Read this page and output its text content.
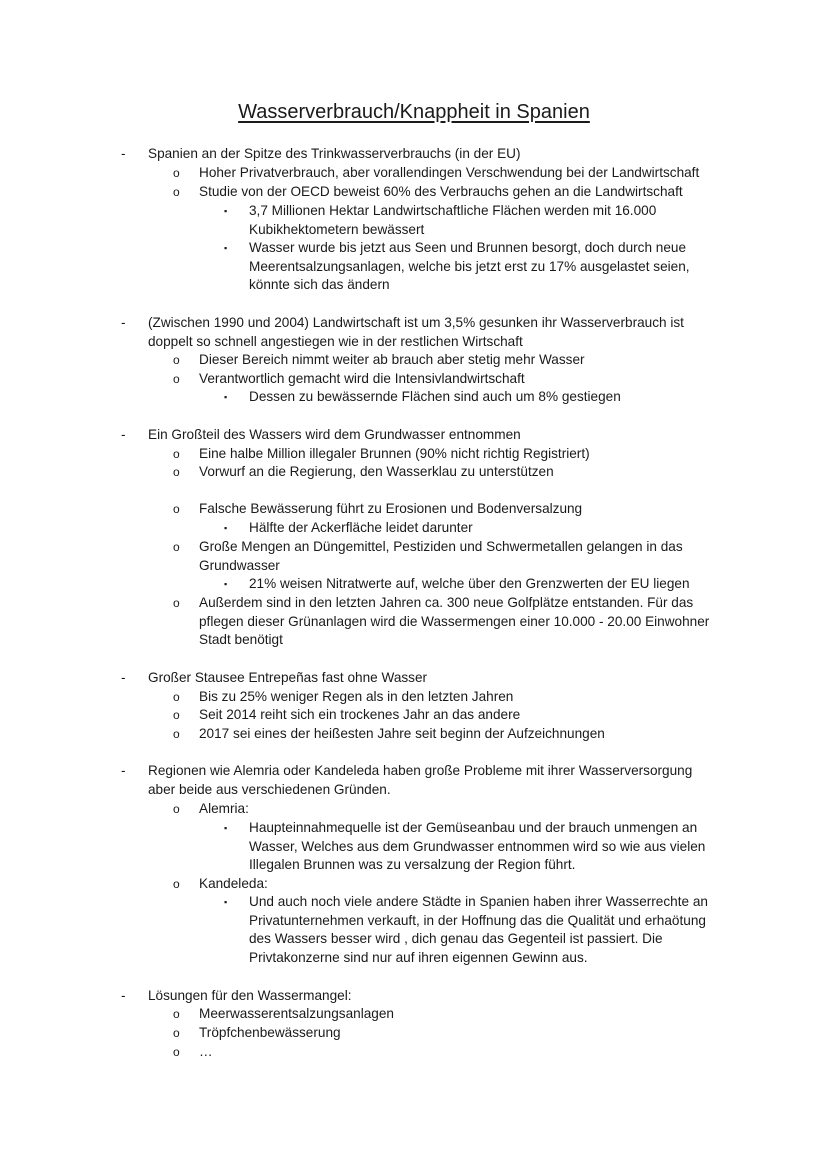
Wasserverbrauch/Knappheit in Spanien
- Spanien an der Spitze des Trinkwasserverbrauchs (in der EU)
o Hoher Privatverbrauch, aber vorallendingen Verschwendung bei der Landwirtschaft
o Studie von der OECD beweist 60% des Verbrauchs gehen an die Landwirtschaft
▪ 3,7 Millionen Hektar Landwirtschaftliche Flächen werden mit 16.000
Kubikhektometern bewässert
▪ Wasser wurde bis jetzt aus Seen und Brunnen besorgt, doch durch neue
Meerentsalzungsanlagen, welche bis jetzt erst zu 17% ausgelastet seien,
könnte sich das ändern
- (Zwischen 1990 und 2004) Landwirtschaft ist um 3,5% gesunken ihr Wasserverbrauch ist
doppelt so schnell angestiegen wie in der restlichen Wirtschaft
o Dieser Bereich nimmt weiter ab brauch aber stetig mehr Wasser
o Verantwortlich gemacht wird die Intensivlandwirtschaft
▪ Dessen zu bewässernde Flächen sind auch um 8% gestiegen
- Ein Großteil des Wassers wird dem Grundwasser entnommen
o Eine halbe Million illegaler Brunnen (90% nicht richtig Registriert)
o Vorwurf an die Regierung, den Wasserklau zu unterstützen
o Falsche Bewässerung führt zu Erosionen und Bodenversalzung
▪ Hälfte der Ackerfläche leidet darunter
o Große Mengen an Düngemittel, Pestiziden und Schwermetallen gelangen in das
Grundwasser
▪ 21% weisen Nitratwerte auf, welche über den Grenzwerten der EU liegen
o Außerdem sind in den letzten Jahren ca. 300 neue Golfplätze entstanden. Für das
pflegen dieser Grünanlagen wird die Wassermengen einer 10.000 - 20.00 Einwohner
Stadt benötigt
- Großer Stausee Entrepeñas fast ohne Wasser
o Bis zu 25% weniger Regen als in den letzten Jahren
o Seit 2014 reiht sich ein trockenes Jahr an das andere
o 2017 sei eines der heißesten Jahre seit beginn der Aufzeichnungen
- Regionen wie Alemria oder Kandeleda haben große Probleme mit ihrer Wasserversorgung
aber beide aus verschiedenen Gründen.
o Alemria:
▪ Haupteinnahmequelle ist der Gemüseanbau und der brauch unmengen an
Wasser, Welches aus dem Grundwasser entnommen wird so wie aus vielen
Illegalen Brunnen was zu versalzung der Region führt.
o Kandeleda:
▪ Und auch noch viele andere Städte in Spanien haben ihrer Wasserrechte an
Privatunternehmen verkauft, in der Hoffnung das die Qualität und erhaötung
des Wassers besser wird , dich genau das Gegenteil ist passiert. Die
Privtakonzerne sind nur auf ihren eigennen Gewinn aus.
- Lösungen für den Wassermangel:
o Meerwasserentsalzungsanlagen
o Tröpfchenbewässerung
o …
